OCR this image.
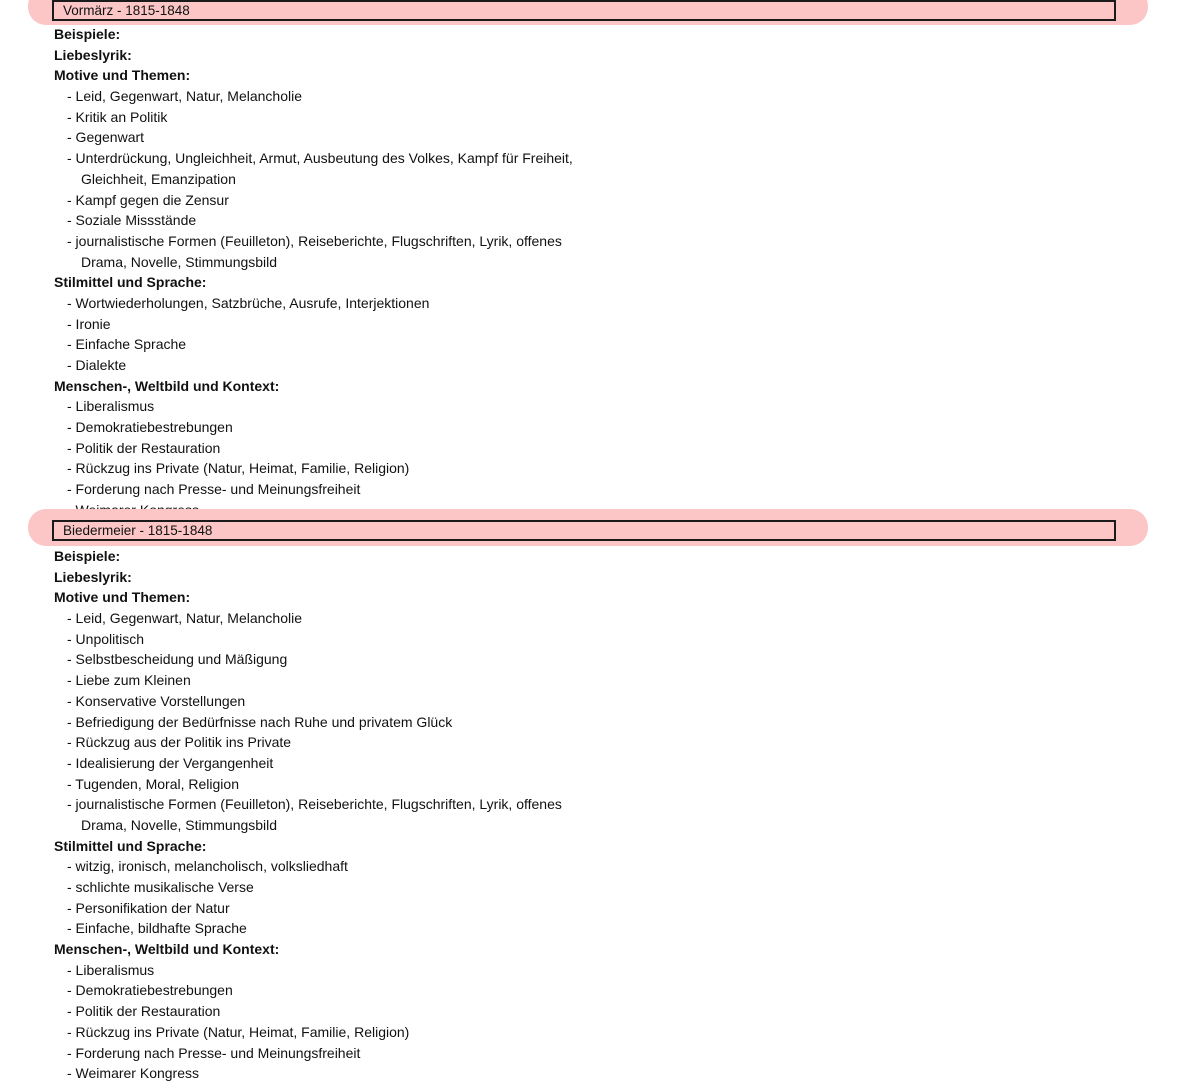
Vormärz - 1815-1848
Beispiele:
Liebeslyrik:
Motive und Themen:
- Leid, Gegenwart, Natur, Melancholie
- Kritik an Politik
- Gegenwart
- Unterdrückung, Ungleichheit, Armut, Ausbeutung des Volkes, Kampf für Freiheit,
Gleichheit, Emanzipation
- Kampf gegen die Zensur
- Soziale Missstände
- journalistische Formen (Feuilleton), Reiseberichte, Flugschriften, Lyrik, offenes
Drama, Novelle, Stimmungsbild
Stilmittel und Sprache:
- Wortwiederholungen, Satzbrüche, Ausrufe, Interjektionen
- Ironie
- Einfache Sprache
- Dialekte
Menschen-, Weltbild und Kontext:
- Liberalismus
- Demokratiebestrebungen
- Politik der Restauration
- Rückzug ins Private (Natur, Heimat, Familie, Religion)
- Forderung nach Presse- und Meinungsfreiheit
Biedermeier - 1815-1848
Beispiele:
Liebeslyrik:
Motive und Themen:
- Leid, Gegenwart, Natur, Melancholie
- Unpolitisch
- Selbstbescheidung und Mäßigung
- Liebe zum Kleinen
- Konservative Vorstellungen
- Befriedigung der Bedürfnisse nach Ruhe und privatem Glück
- Rückzug aus der Politik ins Private
- Idealisierung der Vergangenheit
- Tugenden, Moral, Religion
- journalistische Formen (Feuilleton), Reiseberichte, Flugschriften, Lyrik, offenes
Drama, Novelle, Stimmungsbild
Stilmittel und Sprache:
- witzig, ironisch, melancholisch, volksliedhaft
- schlichte musikalische Verse
- Personifikation der Natur
- Einfache, bildhafte Sprache
Menschen-, Weltbild und Kontext:
- Liberalismus
- Demokratiebestrebungen
- Politik der Restauration
- Rückzug ins Private (Natur, Heimat, Familie, Religion)
- Forderung nach Presse- und Meinungsfreiheit
- Weimarer Kongress
